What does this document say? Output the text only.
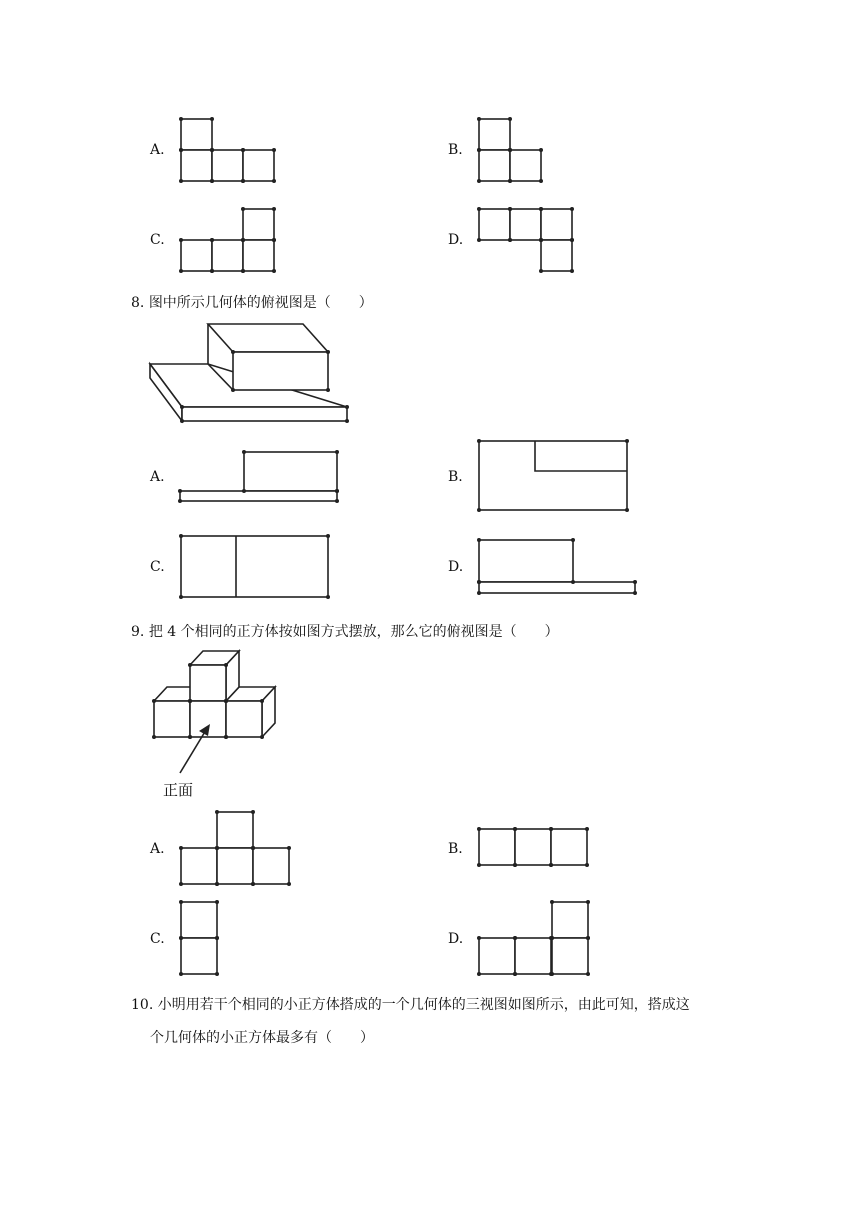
A.	B.
C.	D.
8. 图中所示几何体的俯视图是（　　）
A.	B.
C.	D.
9. 把 4 个相同的正方体按如图方式摆放，那么它的俯视图是（　　）
正面
A.	B.
C.	D.
10. 小明用若干个相同的小正方体搭成的一个几何体的三视图如图所示，由此可知，搭成这
个几何体的小正方体最多有（　　）
